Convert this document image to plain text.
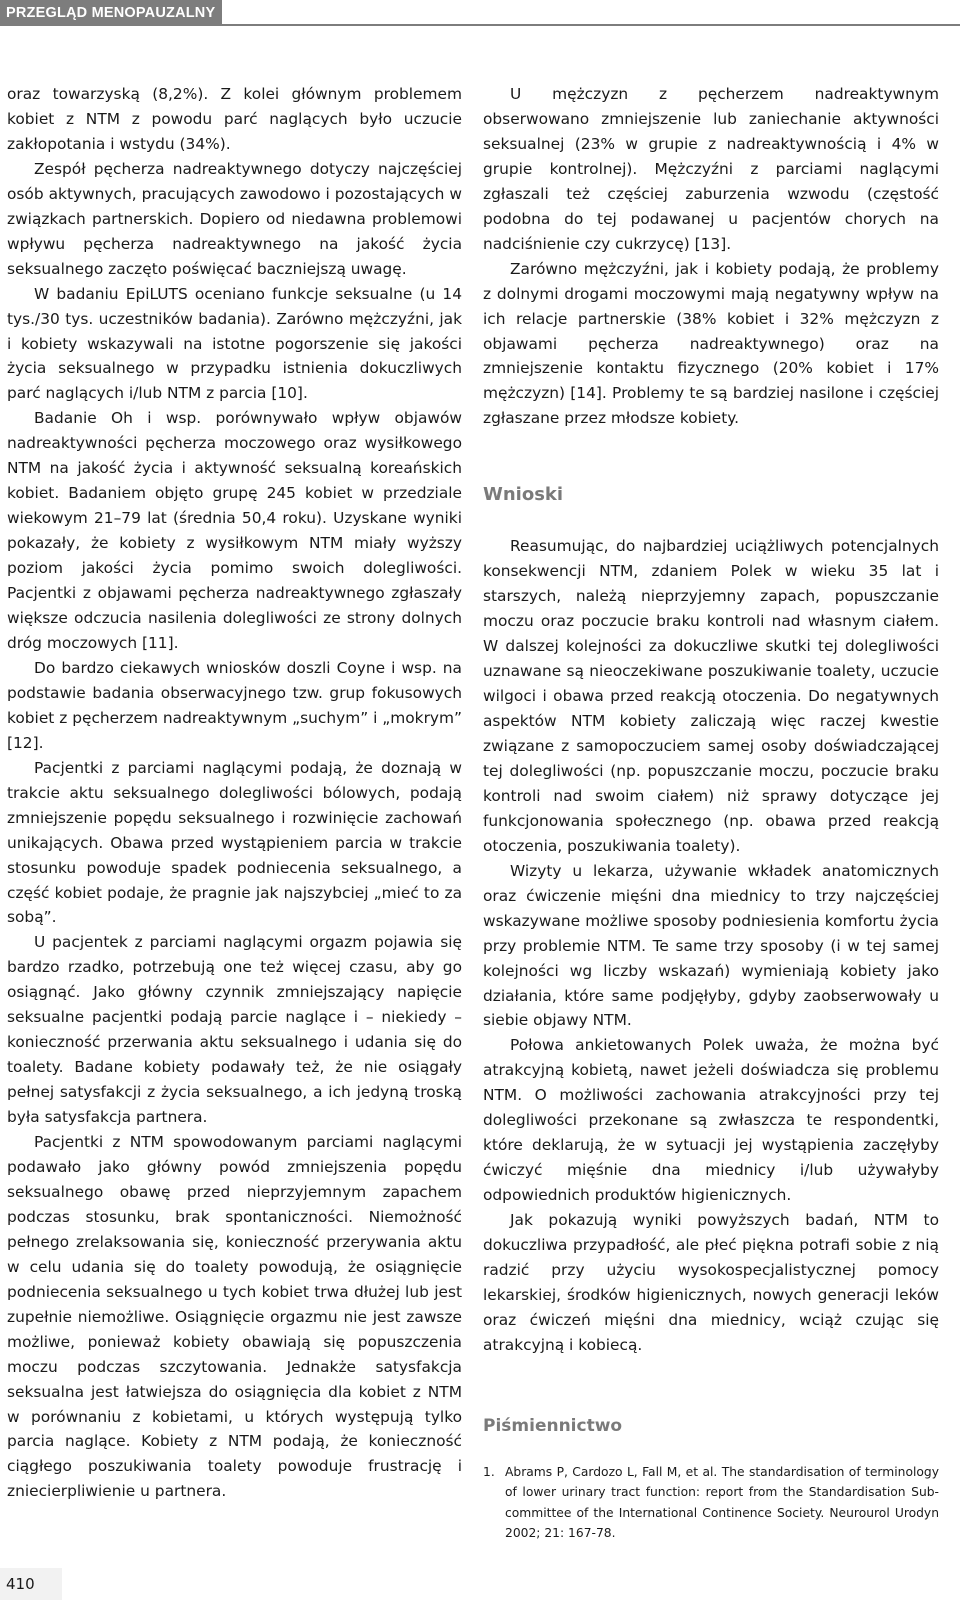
PRZEGLĄD MENOPAUZALNY 5/2011

oraz towarzyską (8,2%). Z kolei głównym problemem kobiet z NTM z powodu parć naglących było uczucie zakłopotania i wstydu (34%).

Zespół pęcherza nadreaktywnego dotyczy najczęściej osób aktywnych, pracujących zawodowo i pozostających w związkach partnerskich. Dopiero od niedawna problemowi wpływu pęcherza nadreaktywnego na jakość życia seksualnego zaczęto poświęcać baczniejszą uwagę.

W badaniu EpiLUTS oceniano funkcje seksualne (u 14 tys./30 tys. uczestników badania). Zarówno mężczyźni, jak i kobiety wskazywali na istotne pogorszenie się jakości życia seksualnego w przypadku istnienia dokuczliwych parć naglących i/lub NTM z parcia [10].

Badanie Oh i wsp. porównywało wpływ objawów nadreaktywności pęcherza moczowego oraz wysiłkowego NTM na jakość życia i aktywność seksualną koreańskich kobiet. Badaniem objęto grupę 245 kobiet w przedziale wiekowym 21–79 lat (średnia 50,4 roku). Uzyskane wyniki pokazały, że kobiety z wysiłkowym NTM miały wyższy poziom jakości życia pomimo swoich dolegliwości. Pacjentki z objawami pęcherza nadreaktywnego zgłaszały większe odczucia nasilenia dolegliwości ze strony dolnych dróg moczowych [11].

Do bardzo ciekawych wniosków doszli Coyne i wsp. na podstawie badania obserwacyjnego tzw. grup fokusowych kobiet z pęcherzem nadreaktywnym „suchym” i „mokrym” [12].

Pacjentki z parciami naglącymi podają, że doznają w trakcie aktu seksualnego dolegliwości bólowych, podają zmniejszenie popędu seksualnego i rozwinięcie zachowań unikających. Obawa przed wystąpieniem parcia w trakcie stosunku powoduje spadek podniecenia seksualnego, a część kobiet podaje, że pragnie jak najszybciej „mieć to za sobą”.

U pacjentek z parciami naglącymi orgazm pojawia się bardzo rzadko, potrzebują one też więcej czasu, aby go osiągnąć. Jako główny czynnik zmniejszający napięcie seksualne pacjentki podają parcie naglące i – niekiedy – konieczność przerwania aktu seksualnego i udania się do toalety. Badane kobiety podawały też, że nie osiągały pełnej satysfakcji z życia seksualnego, a ich jedyną troską była satysfakcja partnera.

Pacjentki z NTM spowodowanym parciami naglącymi podawało jako główny powód zmniejszenia popędu seksualnego obawę przed nieprzyjemnym zapachem podczas stosunku, brak spontaniczności. Niemożność pełnego zrelaksowania się, konieczność przerywania aktu w celu udania się do toalety powodują, że osiągnięcie podniecenia seksualnego u tych kobiet trwa dłużej lub jest zupełnie niemożliwe. Osiągnięcie orgazmu nie jest zawsze możliwe, ponieważ kobiety obawiają się popuszczenia moczu podczas szczytowania. Jednakże satysfakcja seksualna jest łatwiejsza do osiągnięcia dla kobiet z NTM w porównaniu z kobietami, u których występują tylko parcia naglące. Kobiety z NTM podają, że konieczność ciągłego poszukiwania toalety powoduje frustrację i zniecierpliwienie u partnera.

U mężczyzn z pęcherzem nadreaktywnym obserwowano zmniejszenie lub zaniechanie aktywności seksualnej (23% w grupie z nadreaktywnością i 4% w grupie kontrolnej). Mężczyźni z parciami naglącymi zgłaszali też częściej zaburzenia wzwodu (częstość podobna do tej podawanej u pacjentów chorych na nadciśnienie czy cukrzycę) [13].

Zarówno mężczyźni, jak i kobiety podają, że problemy z dolnymi drogami moczowymi mają negatywny wpływ na ich relacje partnerskie (38% kobiet i 32% mężczyzn z objawami pęcherza nadreaktywnego) oraz na zmniejszenie kontaktu fizycznego (20% kobiet i 17% mężczyzn) [14]. Problemy te są bardziej nasilone i częściej zgłaszane przez młodsze kobiety.

Wnioski

Reasumując, do najbardziej uciążliwych potencjalnych konsekwencji NTM, zdaniem Polek w wieku 35 lat i starszych, należą nieprzyjemny zapach, popuszczanie moczu oraz poczucie braku kontroli nad własnym ciałem. W dalszej kolejności za dokuczliwe skutki tej dolegliwości uznawane są nieoczekiwane poszukiwanie toalety, uczucie wilgoci i obawa przed reakcją otoczenia. Do negatywnych aspektów NTM kobiety zaliczają więc raczej kwestie związane z samopoczuciem samej osoby doświadczającej tej dolegliwości (np. popuszczanie moczu, poczucie braku kontroli nad swoim ciałem) niż sprawy dotyczące jej funkcjonowania społecznego (np. obawa przed reakcją otoczenia, poszukiwania toalety).

Wizyty u lekarza, używanie wkładek anatomicznych oraz ćwiczenie mięśni dna miednicy to trzy najczęściej wskazywane możliwe sposoby podniesienia komfortu życia przy problemie NTM. Te same trzy sposoby (i w tej samej kolejności wg liczby wskazań) wymieniają kobiety jako działania, które same podjęłyby, gdyby zaobserwowały u siebie objawy NTM.

Połowa ankietowanych Polek uważa, że można być atrakcyjną kobietą, nawet jeżeli doświadcza się problemu NTM. O możliwości zachowania atrakcyjności przy tej dolegliwości przekonane są zwłaszcza te respondentki, które deklarują, że w sytuacji jej wystąpienia zaczęłyby ćwiczyć mięśnie dna miednicy i/lub używałyby odpowiednich produktów higienicznych.

Jak pokazują wyniki powyższych badań, NTM to dokuczliwa przypadłość, ale płeć piękna potrafi sobie z nią radzić przy użyciu wysokospecjalistycznej pomocy lekarskiej, środków higienicznych, nowych generacji leków oraz ćwiczeń mięśni dna miednicy, wciąż czując się atrakcyjną i kobiecą.

Piśmiennictwo
1. Abrams P, Cardozo L, Fall M, et al. The standardisation of terminology of lower urinary tract function: report from the Standardisation Sub-committee of the International Continence Society. Neurourol Urodyn 2002; 21: 167-78.
410
